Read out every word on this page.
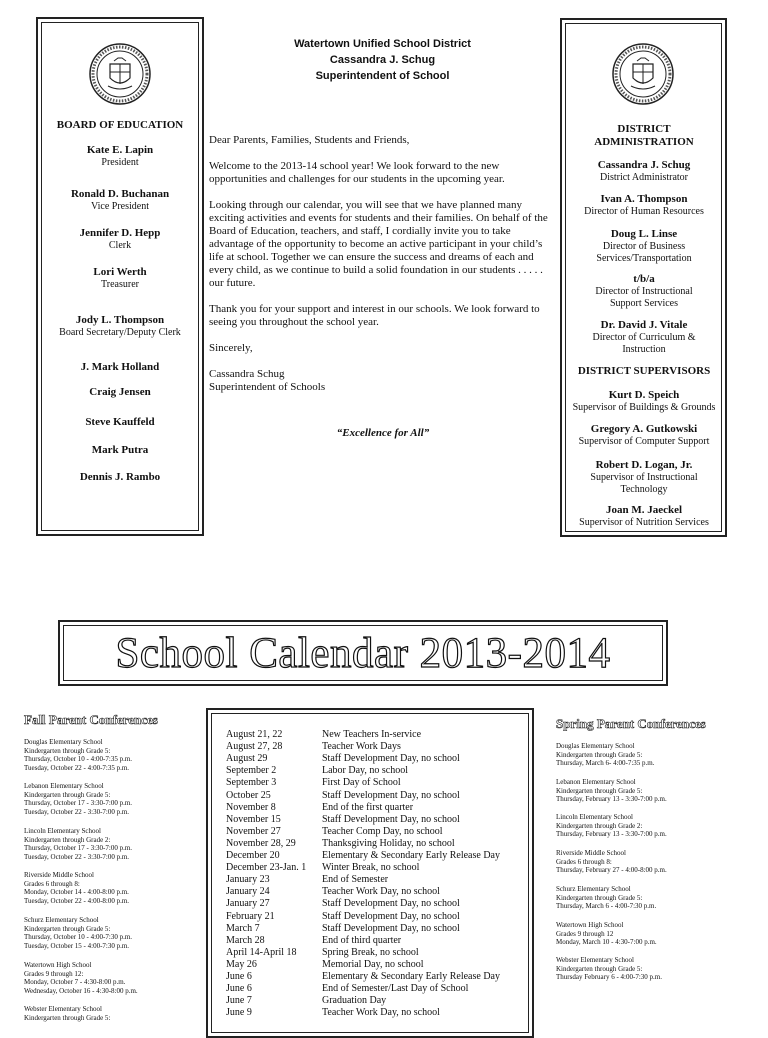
BOARD OF EDUCATION
Kate E. Lapin
President
Ronald D. Buchanan
Vice President
Jennifer D. Hepp
Clerk
Lori Werth
Treasurer
Jody L. Thompson
Board Secretary/Deputy Clerk
J. Mark Holland
Craig Jensen
Steve Kauffeld
Mark Putra
Dennis J. Rambo
Watertown Unified School District
Cassandra J. Schug
Superintendent of School

Dear Parents, Families, Students and Friends,

Welcome to the 2013-14 school year! We look forward to the new opportunities and challenges for our students in the upcoming year.

Looking through our calendar, you will see that we have planned many exciting activities and events for students and their families. On behalf of the Board of Education, teachers, and staff, I cordially invite you to take advantage of the opportunity to become an active participant in your child’s life at school. Together we can ensure the success and dreams of each and every child, as we continue to build a solid foundation in our students . . . . . our future.

Thank you for your support and interest in our schools. We look forward to seeing you throughout the school year.

Sincerely,

Cassandra Schug
Superintendent of Schools
“Excellence for All”
DISTRICT
ADMINISTRATION
Cassandra J. Schug
District Administrator
Ivan A. Thompson
Director of Human Resources
Doug L. Linse
Director of Business
Services/Transportation
t/b/a
Director of Instructional
Support Services
Dr. David J. Vitale
Director of Curriculum &
Instruction
DISTRICT SUPERVISORS
Kurt D. Speich
Supervisor of Buildings & Grounds
Gregory A. Gutkowski
Supervisor of Computer Support
Robert D. Logan, Jr.
Supervisor of Instructional
Technology
Joan M. Jaeckel
Supervisor of Nutrition Services
School Calendar 2013-2014
Fall Parent Conferences
Douglas Elementary School
Kindergarten through Grade 5:
Thursday, October 10 - 4:00-7:35 p.m.
Tuesday, October 22 - 4:00-7:35 p.m.
Lebanon Elementary School
Kindergarten through Grade 5:
Thursday, October 17 - 3:30-7:00 p.m.
Tuesday, October 22 - 3:30-7:00 p.m.
Lincoln Elementary School
Kindergarten through Grade 2:
Thursday, October 17 - 3:30-7:00 p.m.
Tuesday, October 22 - 3:30-7:00 p.m.
Riverside Middle School
Grades 6 through 8:
Monday, October 14 - 4:00-8:00 p.m.
Tuesday, October 22 - 4:00-8:00 p.m.
Schurz Elementary School
Kindergarten through Grade 5:
Thursday, October 10 - 4:00-7:30 p.m.
Tuesday, October 15 - 4:00-7:30 p.m.
Watertown High School
Grades 9 through 12:
Monday, October 7 - 4:30-8:00 p.m.
Wednesday, October 16 - 4:30-8:00 p.m.
Webster Elementary School
Kindergarten through Grade 5:
August 21, 22	New Teachers In-service
August 27, 28	Teacher Work Days
August 29	Staff Development Day, no school
September 2	Labor Day, no school
September 3	First Day of School
October 25	Staff Development Day, no school
November 8	End of the first quarter
November 15	Staff Development Day, no school
November 27	Teacher Comp Day, no school
November 28, 29	Thanksgiving Holiday, no school
December 20	Elementary & Secondary Early Release Day
December 23-Jan. 1 Winter Break, no school
January 23	End of Semester
January 24	Teacher Work Day, no school
January 27	Staff Development Day, no school
February 21	Staff Development Day, no school
March 7	Staff Development Day, no school
March 28	End of third quarter
April 14-April 18	Spring Break, no school
May 26	Memorial Day, no school
June 6	Elementary & Secondary Early Release Day
June 6	End of Semester/Last Day of School
June 7	Graduation Day
June 9	Teacher Work Day, no school
Spring Parent Conferences
Douglas Elementary School
Kindergarten through Grade 5:
Thursday, March 6- 4:00-7:35 p.m.
Lebanon Elementary School
Kindergarten through Grade 5:
Thursday, February 13 - 3:30-7:00 p.m.
Lincoln Elementary School
Kindergarten through Grade 2:
Thursday, February 13 - 3:30-7:00 p.m.
Riverside Middle School
Grades 6 through 8:
Thursday, February 27 - 4:00-8:00 p.m.
Schurz Elementary School
Kindergarten through Grade 5:
Thursday, March 6 - 4:00-7:30 p.m.
Watertown High School
Grades 9 through 12
Monday, March 10 - 4:30-7:00 p.m.
Webster Elementary School
Kindergarten through Grade 5:
Thursday February 6 - 4:00-7:30 p.m.
